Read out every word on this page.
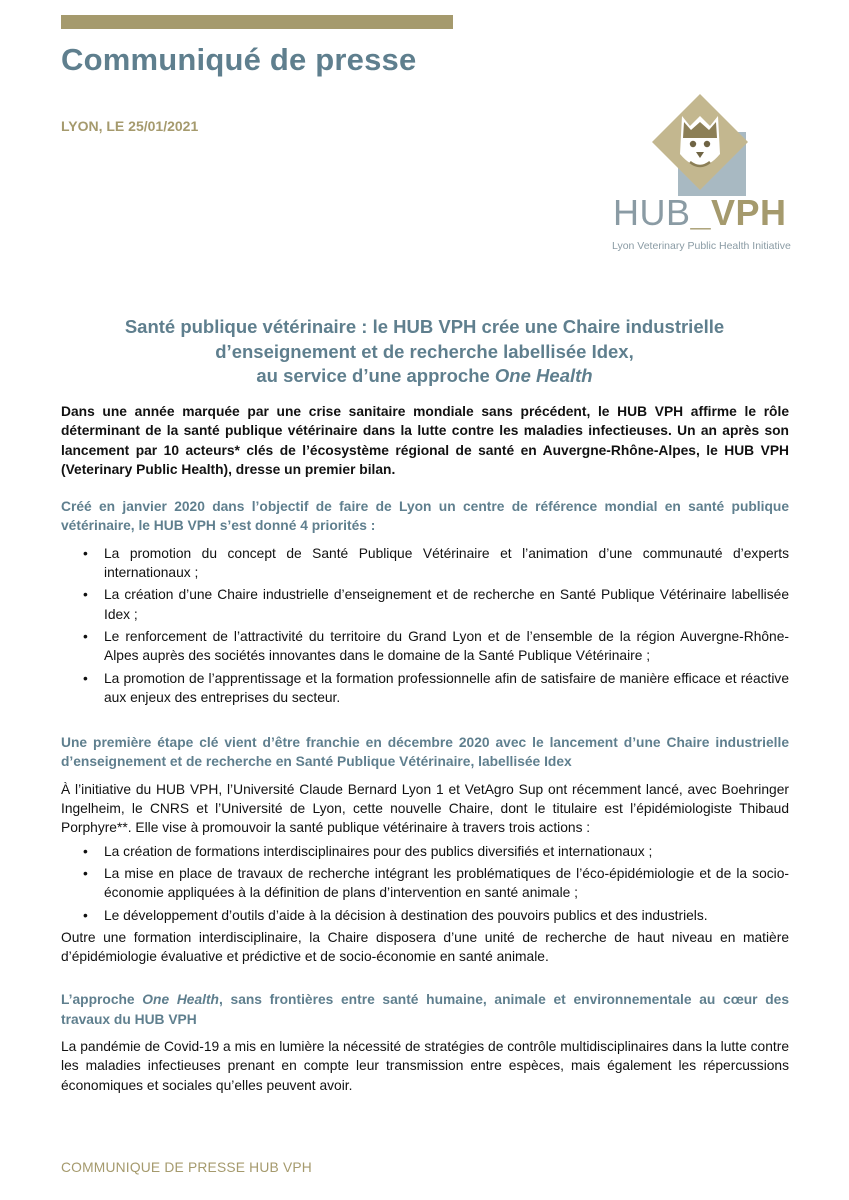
Communiqué de presse
LYON, LE 25/01/2021
HUB_VPH
Lyon Veterinary Public Health Initiative
Santé publique vétérinaire : le HUB VPH crée une Chaire industrielle
d’enseignement et de recherche labellisée Idex,
au service d’une approche One Health

Dans une année marquée par une crise sanitaire mondiale sans précédent, le HUB VPH affirme le rôle déterminant de la santé publique vétérinaire dans la lutte contre les maladies infectieuses. Un an après son lancement par 10 acteurs* clés de l’écosystème régional de santé en Auvergne-Rhône-Alpes, le HUB VPH (Veterinary Public Health), dresse un premier bilan.

Créé en janvier 2020 dans l’objectif de faire de Lyon un centre de référence mondial en santé publique vétérinaire, le HUB VPH s’est donné 4 priorités :

• La promotion du concept de Santé Publique Vétérinaire et l’animation d’une communauté d’experts internationaux ;
• La création d’une Chaire industrielle d’enseignement et de recherche en Santé Publique Vétérinaire labellisée Idex ;
• Le renforcement de l’attractivité du territoire du Grand Lyon et de l’ensemble de la région Auvergne-Rhône-Alpes auprès des sociétés innovantes dans le domaine de la Santé Publique Vétérinaire ;
• La promotion de l’apprentissage et la formation professionnelle afin de satisfaire de manière efficace et réactive aux enjeux des entreprises du secteur.

Une première étape clé vient d’être franchie en décembre 2020 avec le lancement d’une Chaire industrielle d’enseignement et de recherche en Santé Publique Vétérinaire, labellisée Idex

À l’initiative du HUB VPH, l’Université Claude Bernard Lyon 1 et VetAgro Sup ont récemment lancé, avec Boehringer Ingelheim, le CNRS et l’Université de Lyon, cette nouvelle Chaire, dont le titulaire est l’épidémiologiste Thibaud Porphyre**. Elle vise à promouvoir la santé publique vétérinaire à travers trois actions :

• La création de formations interdisciplinaires pour des publics diversifiés et internationaux ;
• La mise en place de travaux de recherche intégrant les problématiques de l’éco-épidémiologie et de la socio-économie appliquées à la définition de plans d’intervention en santé animale ;
• Le développement d’outils d’aide à la décision à destination des pouvoirs publics et des industriels.

Outre une formation interdisciplinaire, la Chaire disposera d’une unité de recherche de haut niveau en matière d’épidémiologie évaluative et prédictive et de socio-économie en santé animale.

L’approche One Health, sans frontières entre santé humaine, animale et environnementale au cœur des travaux du HUB VPH

La pandémie de Covid-19 a mis en lumière la nécessité de stratégies de contrôle multidisciplinaires dans la lutte contre les maladies infectieuses prenant en compte leur transmission entre espèces, mais également les répercussions économiques et sociales qu’elles peuvent avoir.

COMMUNIQUE DE PRESSE HUB VPH
